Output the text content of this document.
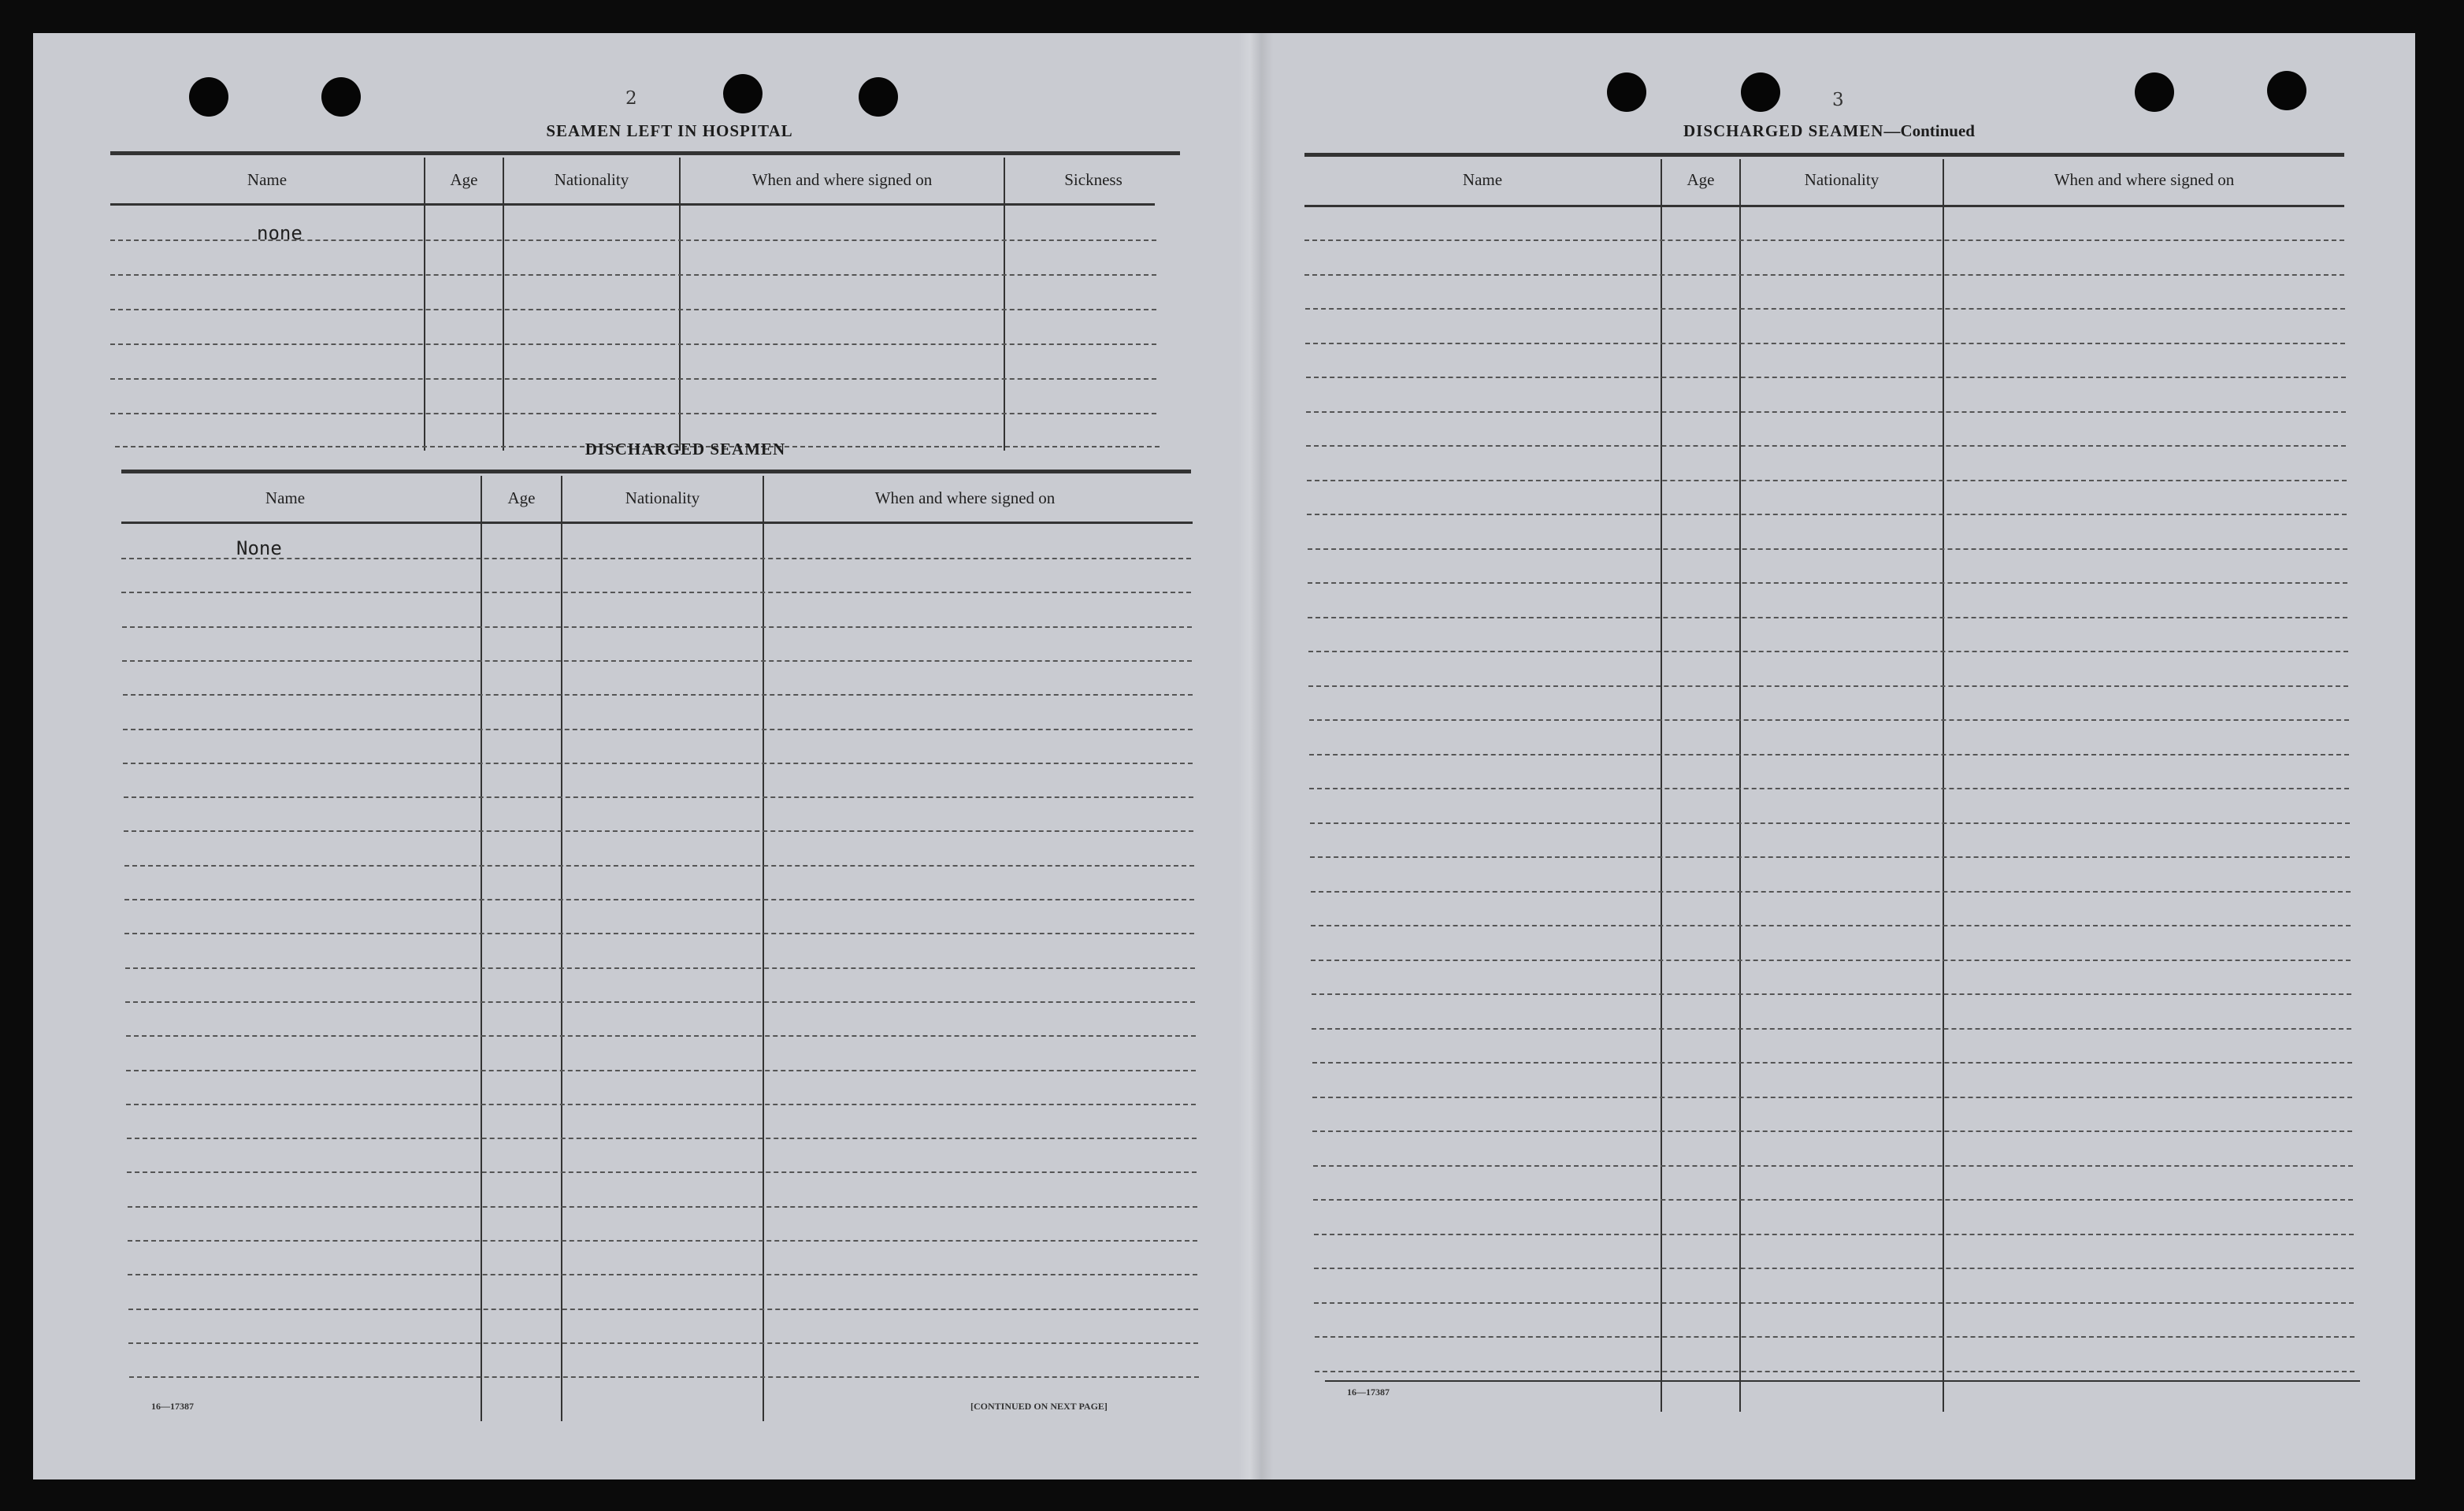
2
SEAMEN LEFT IN HOSPITAL
Name	Age	Nationality	When and where signed on	Sickness
none
DISCHARGED SEAMEN
Name	Age	Nationality	When and where signed on
None
16—17387	[CONTINUED ON NEXT PAGE]
3
DISCHARGED SEAMEN—Continued
Name	Age	Nationality	When and where signed on
16—17387
